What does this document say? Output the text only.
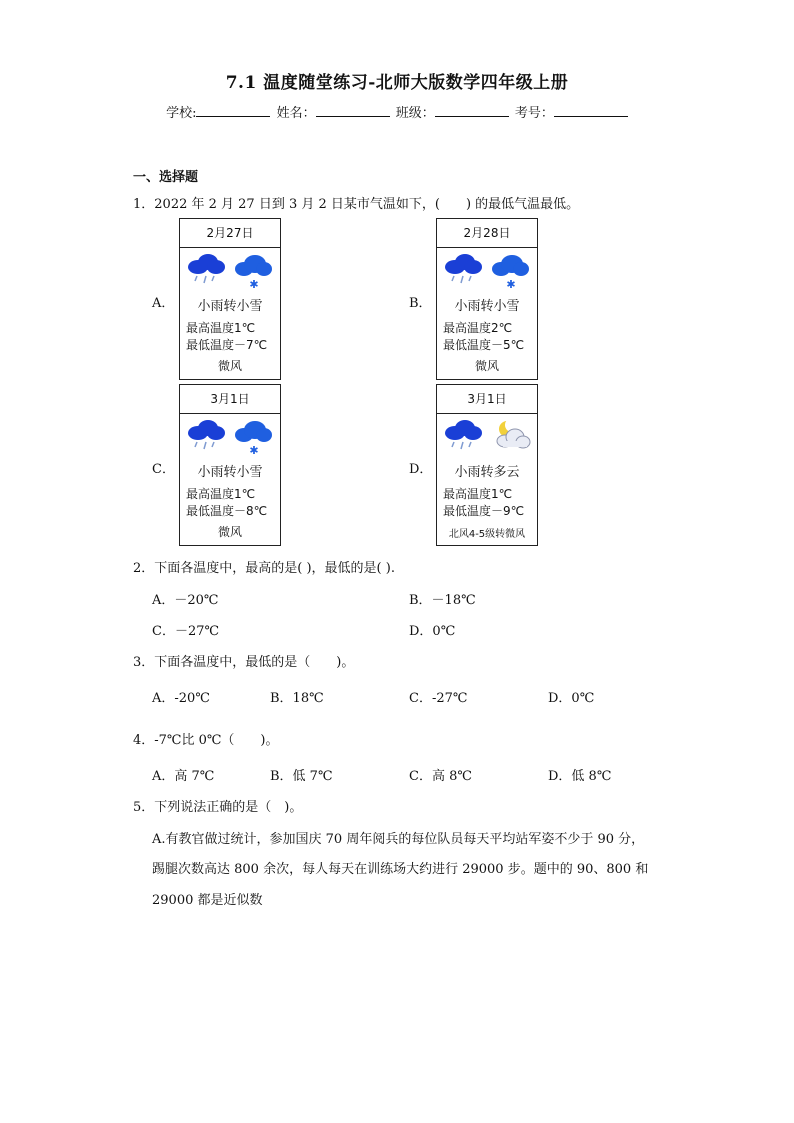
7.1 温度随堂练习-北师大版数学四年级上册
学校:	姓名：	班级：	考号：
一、选择题
1．2022 年 2 月 27 日到 3 月 2 日某市气温如下，(　　) 的最低气温最低。
A．
2月27日
✱
小雨转小雪
最高温度1℃
最低温度－7℃
微风
B．
2月28日
✱
小雨转小雪
最高温度2℃
最低温度－5℃
微风
C．
3月1日
✱
小雨转小雪
最高温度1℃
最低温度－8℃
微风
D．
3月1日
小雨转多云
最高温度1℃
最低温度－9℃
北风4-5级转微风
2．下面各温度中，最高的是( )，最低的是( ).
A．－20℃	B．－18℃
C．－27℃	D．0℃
3．下面各温度中，最低的是（　　)。
A．-20℃	B．18℃	C．-27℃	D．0℃
4．-7℃比 0℃（　　)。
A．高 7℃	B．低 7℃	C．高 8℃	D．低 8℃
5．下列说法正确的是（　)。
A.有教官做过统计，参加国庆 70 周年阅兵的每位队员每天平均站军姿不少于 90 分，
踢腿次数高达 800 余次，每人每天在训练场大约进行 29000 步。题中的 90、800 和
29000 都是近似数
